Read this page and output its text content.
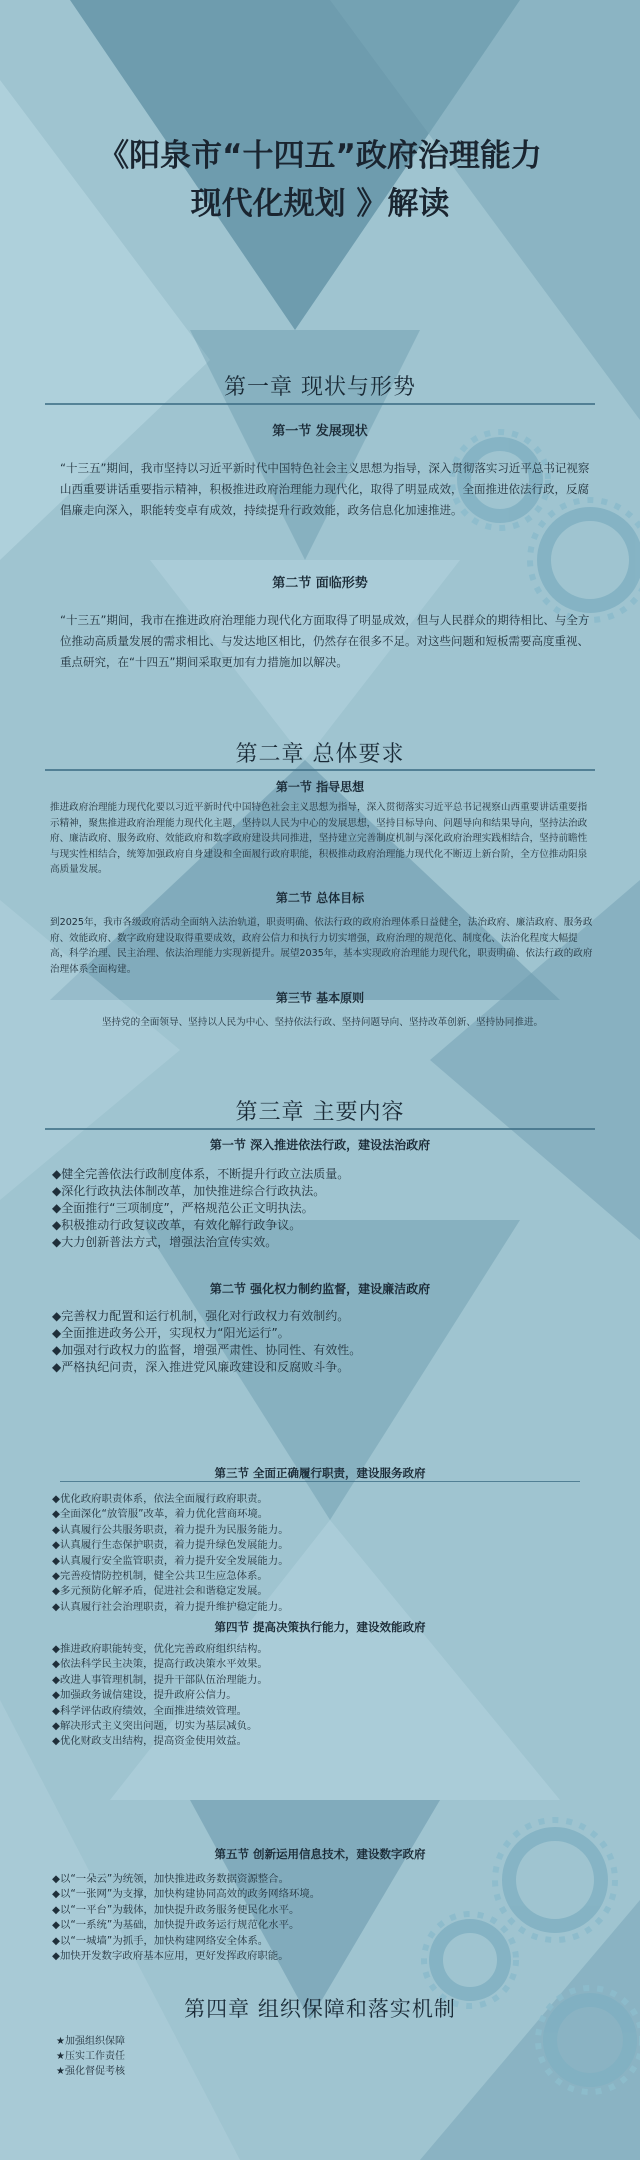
《阳泉市“十四五”政府治理能力
现代化规划 》解读
第一章 现状与形势
第一节 发展现状
“十三五”期间，我市坚持以习近平新时代中国特色社会主义思想为指导，深入贯彻落实习近平总书记视察山西重要讲话重要指示精神，积极推进政府治理能力现代化，取得了明显成效，全面推进依法行政，反腐倡廉走向深入，职能转变卓有成效，持续提升行政效能，政务信息化加速推进。
第二节 面临形势
“十三五”期间，我市在推进政府治理能力现代化方面取得了明显成效，但与人民群众的期待相比、与全方位推动高质量发展的需求相比、与发达地区相比，仍然存在很多不足。对这些问题和短板需要高度重视、重点研究，在“十四五”期间采取更加有力措施加以解决。
第二章 总体要求
第一节 指导思想
推进政府治理能力现代化要以习近平新时代中国特色社会主义思想为指导，深入贯彻落实习近平总书记视察山西重要讲话重要指示精神，聚焦推进政府治理能力现代化主题，坚持以人民为中心的发展思想，坚持目标导向、问题导向和结果导向，坚持法治政府、廉洁政府、服务政府、效能政府和数字政府建设共同推进，坚持建立完善制度机制与深化政府治理实践相结合，坚持前瞻性与现实性相结合，统筹加强政府自身建设和全面履行政府职能，积极推动政府治理能力现代化不断迈上新台阶，全方位推动阳泉高质量发展。
第二节 总体目标
到2025年，我市各级政府活动全面纳入法治轨道，职责明确、依法行政的政府治理体系日益健全，法治政府、廉洁政府、服务政府、效能政府、数字政府建设取得重要成效，政府公信力和执行力切实增强，政府治理的规范化、制度化、法治化程度大幅提高，科学治理、民主治理、依法治理能力实现新提升。展望2035年，基本实现政府治理能力现代化，职责明确、依法行政的政府治理体系全面构建。
第三节 基本原则
坚持党的全面领导、坚持以人民为中心、坚持依法行政、坚持问题导向、坚持改革创新、坚持协同推进。
第三章 主要内容
第一节 深入推进依法行政，建设法治政府
◆健全完善依法行政制度体系，不断提升行政立法质量。
◆深化行政执法体制改革，加快推进综合行政执法。
◆全面推行“三项制度”，严格规范公正文明执法。
◆积极推动行政复议改革，有效化解行政争议。
◆大力创新普法方式，增强法治宣传实效。
第二节 强化权力制约监督，建设廉洁政府
◆完善权力配置和运行机制，强化对行政权力有效制约。
◆全面推进政务公开，实现权力“阳光运行”。
◆加强对行政权力的监督，增强严肃性、协同性、有效性。
◆严格执纪问责，深入推进党风廉政建设和反腐败斗争。
第三节 全面正确履行职责，建设服务政府
◆优化政府职责体系，依法全面履行政府职责。
◆全面深化“放管服”改革，着力优化营商环境。
◆认真履行公共服务职责，着力提升为民服务能力。
◆认真履行生态保护职责，着力提升绿色发展能力。
◆认真履行安全监管职责，着力提升安全发展能力。
◆完善疫情防控机制，健全公共卫生应急体系。
◆多元预防化解矛盾，促进社会和谐稳定发展。
◆认真履行社会治理职责，着力提升维护稳定能力。
第四节 提高决策执行能力，建设效能政府
◆推进政府职能转变，优化完善政府组织结构。
◆依法科学民主决策，提高行政决策水平效果。
◆改进人事管理机制，提升干部队伍治理能力。
◆加强政务诚信建设，提升政府公信力。
◆科学评估政府绩效，全面推进绩效管理。
◆解决形式主义突出问题，切实为基层减负。
◆优化财政支出结构，提高资金使用效益。
第五节 创新运用信息技术，建设数字政府
◆以“一朵云”为统领，加快推进政务数据资源整合。
◆以“一张网”为支撑，加快构建协同高效的政务网络环境。
◆以“一平台”为载体，加快提升政务服务便民化水平。
◆以“一系统”为基础，加快提升政务运行规范化水平。
◆以“一城墙”为抓手，加快构建网络安全体系。
◆加快开发数字政府基本应用，更好发挥政府职能。
第四章 组织保障和落实机制
★加强组织保障
★压实工作责任
★强化督促考核
